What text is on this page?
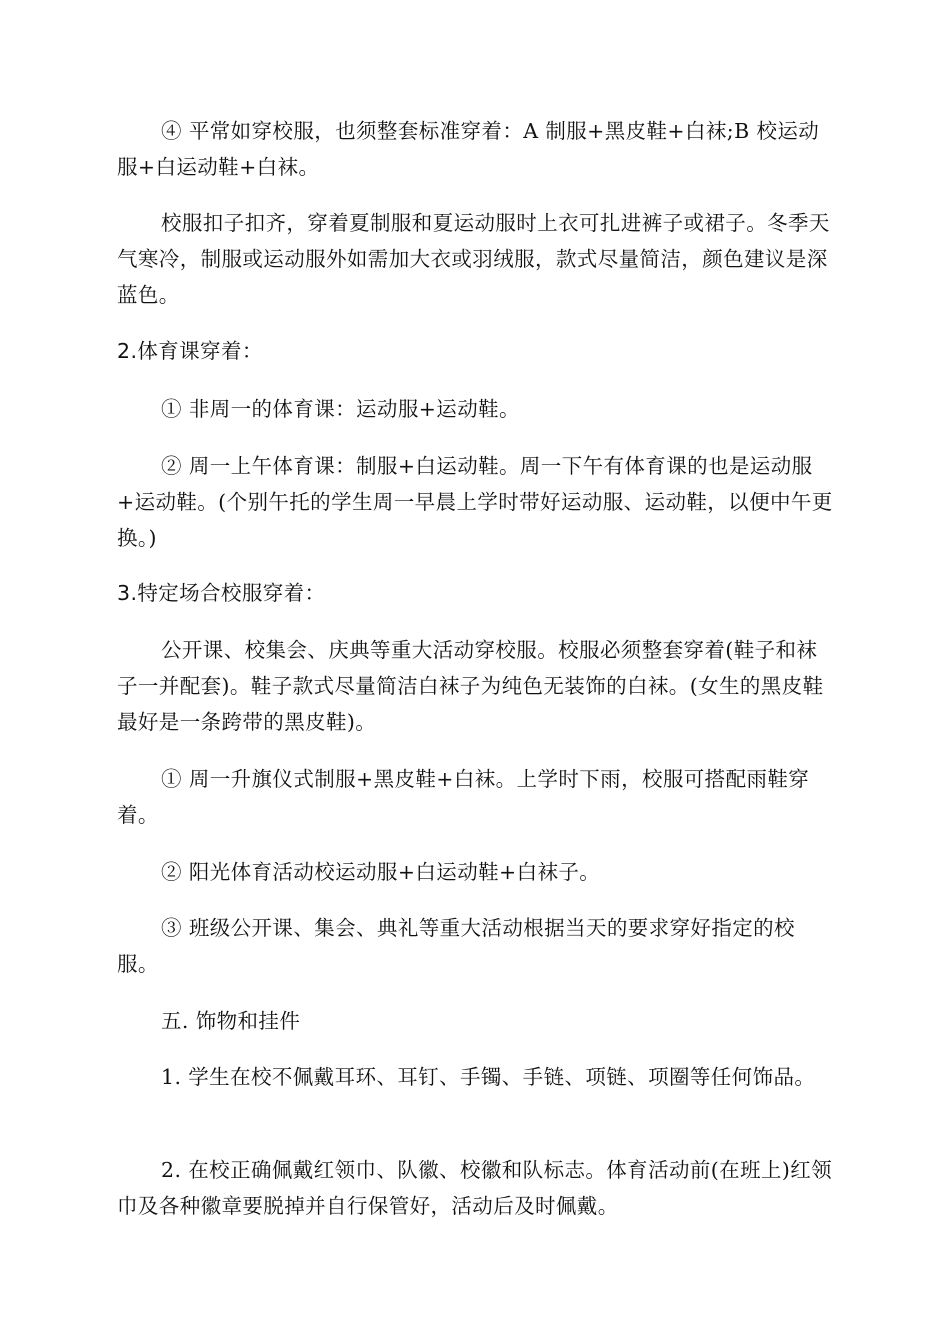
④ 平常如穿校服，也须整套标准穿着：A 制服+黑皮鞋+白袜;B 校运动服+白运动鞋+白袜。

校服扣子扣齐，穿着夏制服和夏运动服时上衣可扎进裤子或裙子。冬季天气寒冷，制服或运动服外如需加大衣或羽绒服，款式尽量简洁，颜色建议是深蓝色。

2.体育课穿着：

① 非周一的体育课：运动服+运动鞋。

② 周一上午体育课：制服+白运动鞋。周一下午有体育课的也是运动服+运动鞋。(个别午托的学生周一早晨上学时带好运动服、运动鞋，以便中午更换。)

3.特定场合校服穿着：

公开课、校集会、庆典等重大活动穿校服。校服必须整套穿着(鞋子和袜子一并配套)。鞋子款式尽量简洁白袜子为纯色无装饰的白袜。(女生的黑皮鞋最好是一条跨带的黑皮鞋)。

① 周一升旗仪式制服+黑皮鞋+白袜。上学时下雨，校服可搭配雨鞋穿着。

② 阳光体育活动校运动服+白运动鞋+白袜子。

③ 班级公开课、集会、典礼等重大活动根据当天的要求穿好指定的校服。

五. 饰物和挂件

1. 学生在校不佩戴耳环、耳钉、手镯、手链、项链、项圈等任何饰品。

2. 在校正确佩戴红领巾、队徽、校徽和队标志。体育活动前(在班上)红领巾及各种徽章要脱掉并自行保管好，活动后及时佩戴。
